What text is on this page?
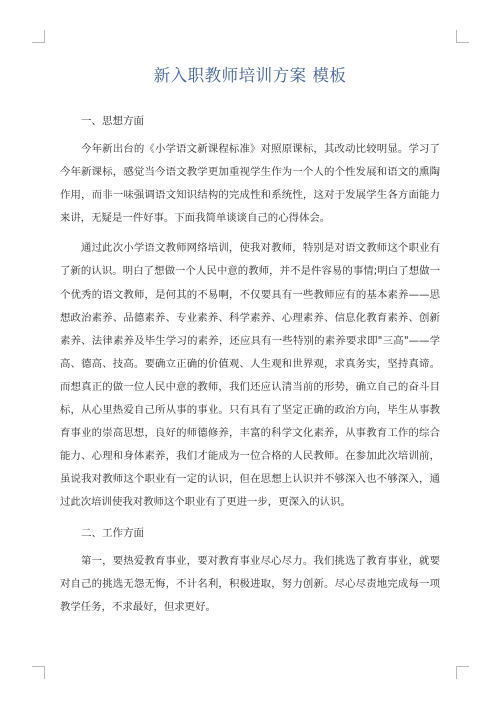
新入职教师培训方案 模板
一、思想方面

今年新出台的《小学语文新课程标准》对照原课标，其改动比较明显。学习了今年新课标，感觉当今语文教学更加重视学生作为一个人的个性发展和语文的熏陶作用，而非一味强调语文知识结构的完成性和系统性，这对于发展学生各方面能力来讲，无疑是一件好事。下面我简单谈谈自己的心得体会。

通过此次小学语文教师网络培训，使我对教师，特别是对语文教师这个职业有了新的认识。明白了想做一个人民中意的教师，并不是件容易的事情;明白了想做一个优秀的语文教师，是何其的不易啊，不仅要具有一些教师应有的基本素养——思想政治素养、品德素养、专业素养、科学素养、心理素养、信息化教育素养、创新素养、法律素养及毕生学习的素养，还应具有一些特别的素养要求即"三高"——学高、德高、技高。要确立正确的价值观、人生观和世界观，求真务实，坚持真谛。而想真正的做一位人民中意的教师，我们还应认清当前的形势，确立自己的奋斗目标，从心里热爱自己所从事的事业。只有具有了坚定正确的政治方向，毕生从事教育事业的崇高思想，良好的师德修养，丰富的科学文化素养，从事教育工作的综合能力、心理和身体素养，我们才能成为一位合格的人民教师。在参加此次培训前，虽说我对教师这个职业有一定的认识，但在思想上认识并不够深入也不够深入，通过此次培训使我对教师这个职业有了更进一步，更深入的认识。

二、工作方面

第一，要热爱教育事业，要对教育事业尽心尽力。我们挑选了教育事业，就要对自己的挑选无怨无悔，不计名利，积极进取，努力创新。尽心尽责地完成每一项教学任务，不求最好，但求更好。
